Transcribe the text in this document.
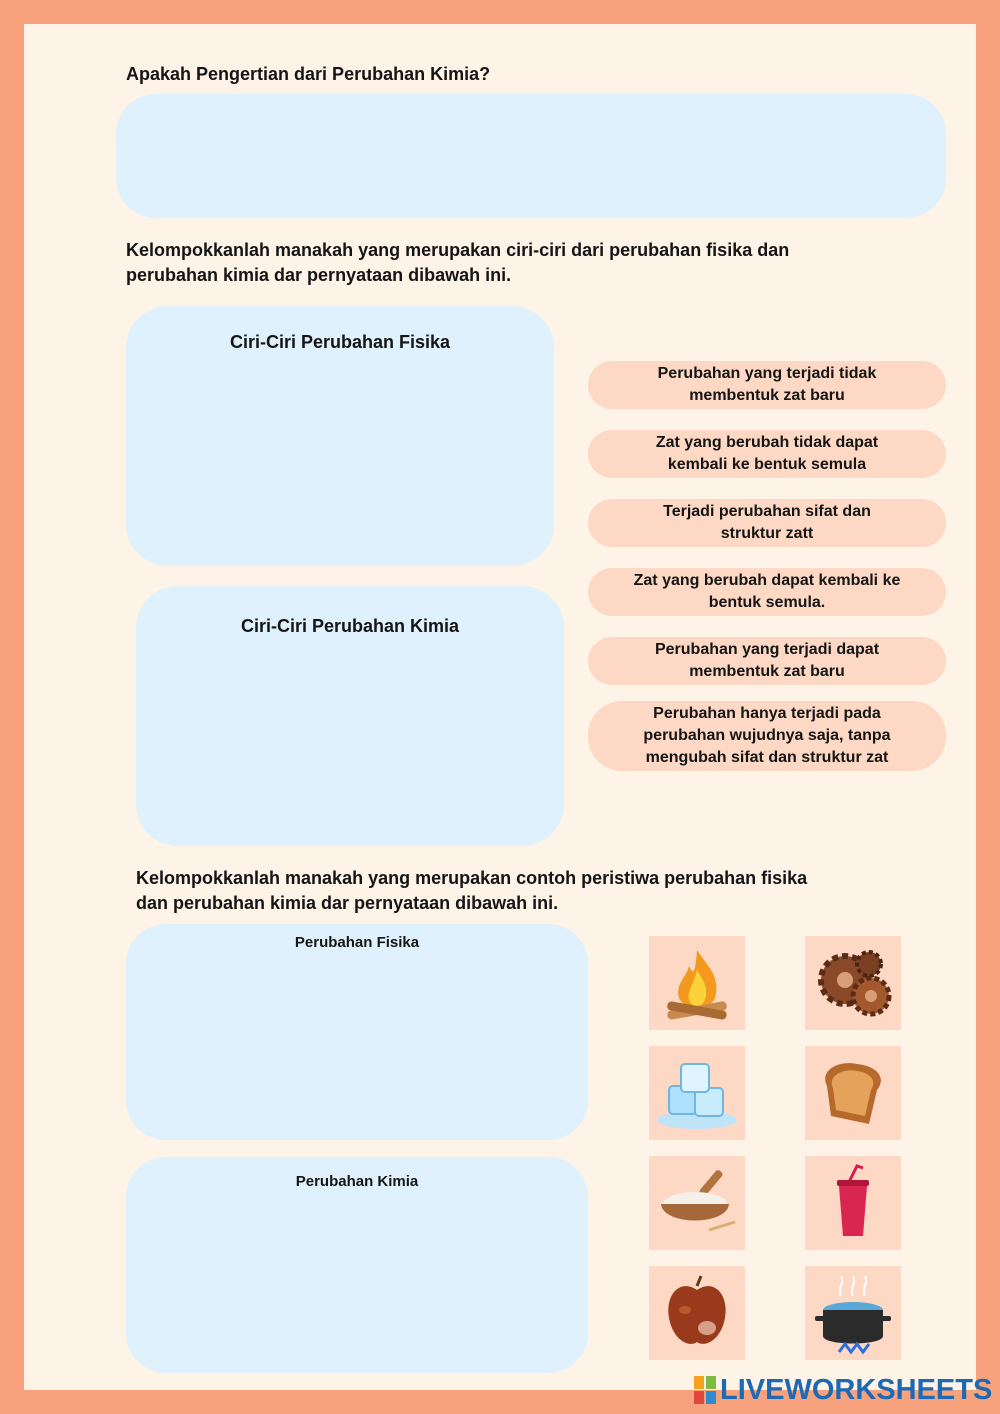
Apakah Pengertian dari Perubahan Kimia?
Kelompokkanlah manakah yang merupakan ciri-ciri dari perubahan fisika dan
perubahan kimia dar pernyataan dibawah ini.
Ciri-Ciri Perubahan Fisika
Ciri-Ciri Perubahan Kimia
Perubahan yang terjadi tidak
membentuk zat baru
Zat yang berubah tidak dapat
kembali ke bentuk semula
Terjadi perubahan sifat dan
struktur zatt
Zat yang berubah dapat kembali ke
bentuk semula.
Perubahan yang terjadi dapat
membentuk zat baru
Perubahan hanya terjadi pada
perubahan wujudnya saja, tanpa
mengubah sifat dan struktur zat
Kelompokkanlah manakah yang merupakan contoh peristiwa perubahan fisika
dan perubahan kimia dar pernyataan dibawah ini.
Perubahan Fisika
Perubahan Kimia
LIVEWORKSHEETS
